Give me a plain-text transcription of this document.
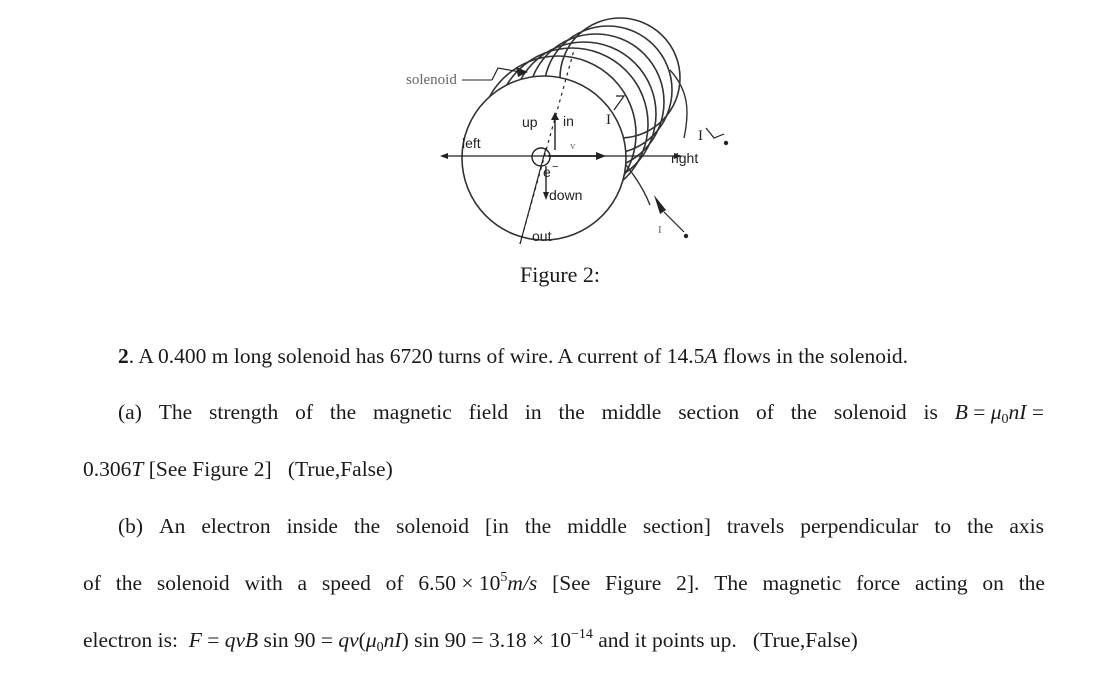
solenoid
left
right
up in
down
out
v
e −
I
I
I
Figure 2:
2. A 0.400 m long solenoid has 6720 turns of wire. A current of 14.5A flows in the solenoid.
(a) The strength of the magnetic field in the middle section of the solenoid is $B = \mu_0nI$ =
0.306T [See Figure 2]   (True,False)
(b) An electron inside the solenoid [in the middle section] travels perpendicular to the axis
of the solenoid with a speed of $6.50 \times 10^5m/s$ [See Figure 2]. The magnetic force acting on the
electron is:  F = qvB $\sin 90 = qv(\mu_0nI)$ $\sin 90 = 3.18 \times 10^{-14}$ and it points up.   (True,False)
